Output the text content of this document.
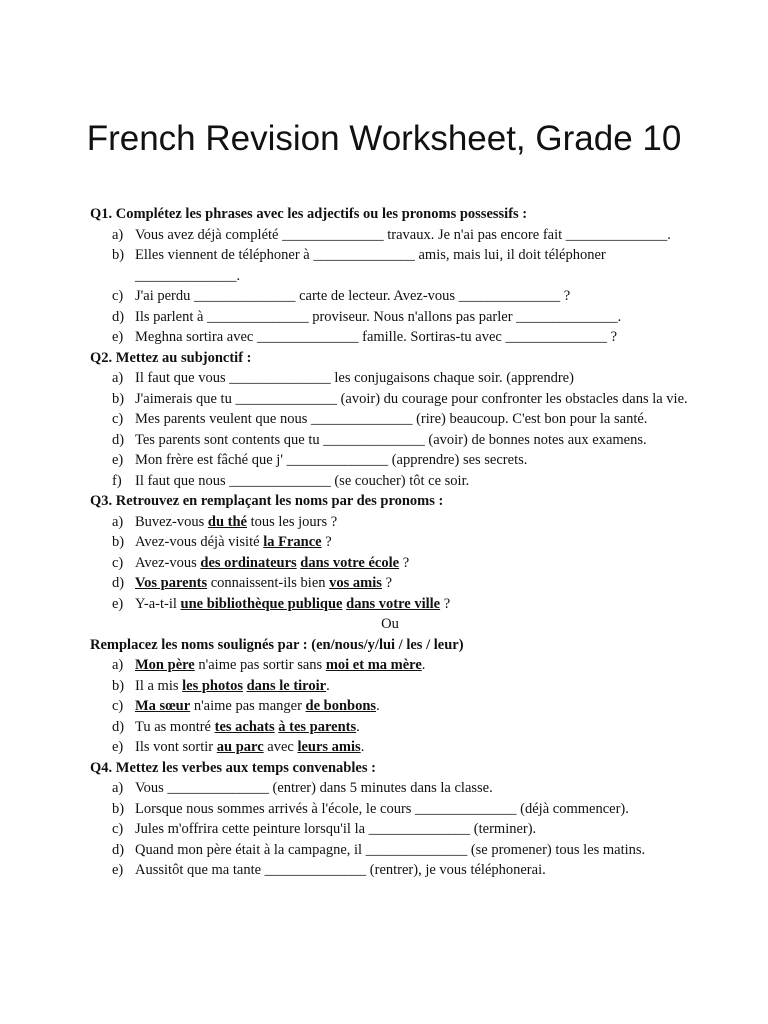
French Revision Worksheet, Grade 10

Q1. Complétez les phrases avec les adjectifs ou les pronoms possessifs :

a) Vous avez déjà complété ______________ travaux. Je n'ai pas encore fait ______________.
b) Elles viennent de téléphoner à ______________ amis, mais lui, il doit téléphoner ______________.
c) J'ai perdu ______________ carte de lecteur. Avez-vous ______________ ?
d) Ils parlent à ______________ proviseur. Nous n'allons pas parler ______________.
e) Meghna sortira avec ______________ famille. Sortiras-tu avec ______________ ?

Q2. Mettez au subjonctif :

a) Il faut que vous ______________ les conjugaisons chaque soir. (apprendre)
b) J'aimerais que tu ______________ (avoir) du courage pour confronter les obstacles dans la vie.
c) Mes parents veulent que nous ______________ (rire) beaucoup. C'est bon pour la santé.
d) Tes parents sont contents que tu ______________ (avoir) de bonnes notes aux examens.
e) Mon frère est fâché que j' ______________ (apprendre) ses secrets.
f) Il faut que nous ______________ (se coucher) tôt ce soir.

Q3. Retrouvez en remplaçant les noms par des pronoms :

a) Buvez-vous du thé tous les jours ?
b) Avez-vous déjà visité la France ?
c) Avez-vous des ordinateurs dans votre école ?
d) Vos parents connaissent-ils bien vos amis ?
e) Y-a-t-il une bibliothèque publique dans votre ville ?

Ou

Remplacez les noms soulignés par : (en/nous/y/lui / les / leur)

a) Mon père n'aime pas sortir sans moi et ma mère.
b) Il a mis les photos dans le tiroir.
c) Ma sœur n'aime pas manger de bonbons.
d) Tu as montré tes achats à tes parents.
e) Ils vont sortir au parc avec leurs amis.

Q4. Mettez les verbes aux temps convenables :

a) Vous ______________ (entrer) dans 5 minutes dans la classe.
b) Lorsque nous sommes arrivés à l'école, le cours ______________ (déjà commencer).
c) Jules m'offrira cette peinture lorsqu'il la ______________ (terminer).
d) Quand mon père était à la campagne, il ______________ (se promener) tous les matins.
e) Aussitôt que ma tante ______________ (rentrer), je vous téléphonerai.
